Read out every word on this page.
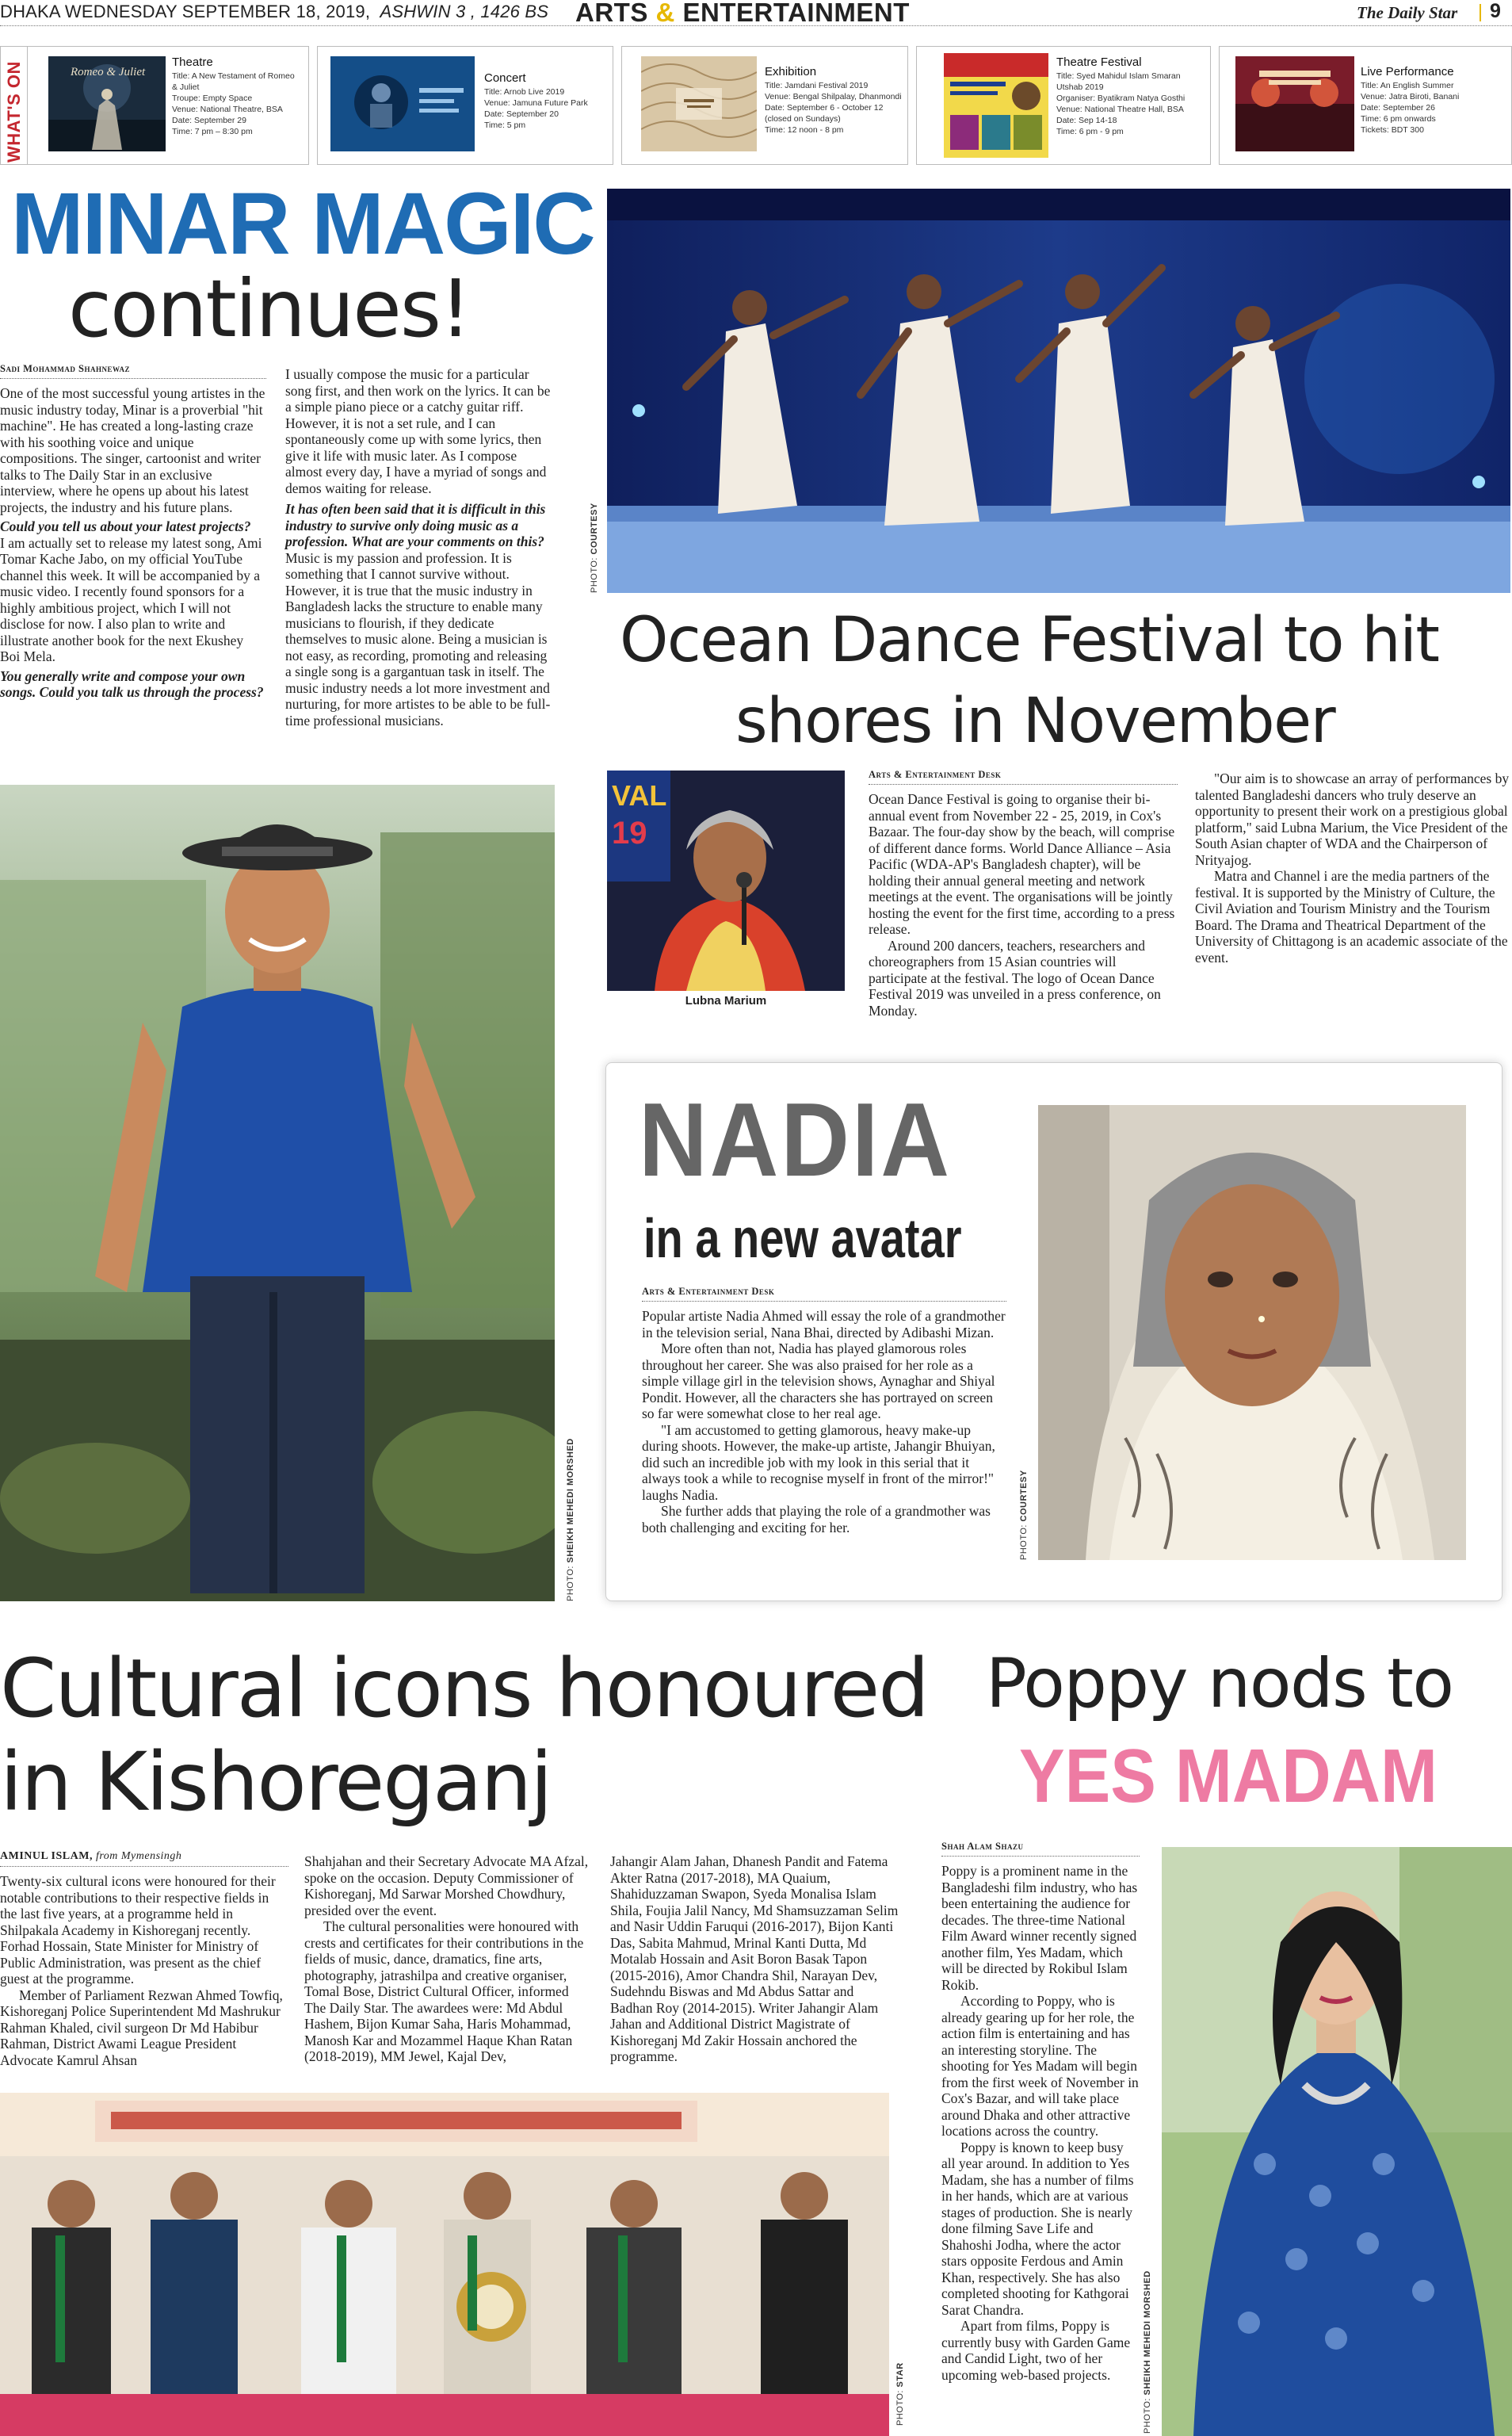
DHAKA WEDNESDAY SEPTEMBER 18, 2019, ASHWIN 3 , 1426 BS ARTS & ENTERTAINMENT	The Daily Star 9
WHAT'S ON	Romeo & Juliet
Theatre
Title: A New Testament of Romeo
& Juliet
Troupe: Empty Space
Venue: National Theatre, BSA
Date: September 29
Time: 7 pm – 8:30 pm
Concert
Title: Arnob Live 2019
Venue: Jamuna Future Park
Date: September 20
Time: 5 pm
Exhibition
Title: Jamdani Festival 2019
Venue: Bengal Shilpalay, Dhanmondi
Date: September 6 - October 12
(closed on Sundays)
Time: 12 noon - 8 pm
Theatre Festival
Title: Syed Mahidul Islam Smaran
Utshab 2019
Organiser: Byatikram Natya Gosthi
Venue: National Theatre Hall, BSA
Date: Sep 14-18
Time: 6 pm - 9 pm
Live Performance
Title: An English Summer
Venue: Jatra Biroti, Banani
Date: September 26
Time: 6 pm onwards
Tickets: BDT 300
MINAR MAGIC
continues!
Sadi Mohammad Shahnewaz

One of the most successful young artistes in the music industry today, Minar is a proverbial "hit machine". He has created a long-lasting craze with his soothing voice and unique compositions. The singer, cartoonist and writer talks to The Daily Star in an exclusive interview, where he opens up about his latest projects, the industry and his future plans.

Could you tell us about your latest projects?

I am actually set to release my latest song, Ami Tomar Kache Jabo, on my official YouTube channel this week. It will be accompanied by a music video. I recently found sponsors for a highly ambitious project, which I will not disclose for now. I also plan to write and illustrate another book for the next Ekushey Boi Mela.

You generally write and compose your own songs. Could you talk us through the process?

I usually compose the music for a particular song first, and then work on the lyrics. It can be a simple piano piece or a catchy guitar riff. However, it is not a set rule, and I can spontaneously come up with some lyrics, then give it life with music later. As I compose almost every day, I have a myriad of songs and demos waiting for release.

It has often been said that it is difficult in this industry to survive only doing music as a profession. What are your comments on this?

Music is my passion and profession. It is something that I cannot survive without. However, it is true that the music industry in Bangladesh lacks the structure to enable many musicians to flourish, if they dedicate themselves to music alone. Being a musician is not easy, as recording, promoting and releasing a single song is a gargantuan task in itself. The music industry needs a lot more investment and nurturing, for more artistes to be able to be full-time professional musicians.

PHOTO: SHEIKH MEHEDI MORSHED
PHOTO: COURTESY
Ocean Dance Festival to hit
shores in November
VAL
19
Lubna Marium
Arts & Entertainment Desk

Ocean Dance Festival is going to organise their bi-annual event from November 22 - 25, 2019, in Cox's Bazaar. The four-day show by the beach, will comprise of different dance forms. World Dance Alliance – Asia Pacific (WDA-AP's Bangladesh chapter), will be holding their annual general meeting and network meetings at the event. The organisations will be jointly hosting the event for the first time, according to a press release.

Around 200 dancers, teachers, researchers and choreographers from 15 Asian countries will participate at the festival. The logo of Ocean Dance Festival 2019 was unveiled in a press conference, on Monday.

"Our aim is to showcase an array of performances by talented Bangladeshi dancers who truly deserve an opportunity to present their work on a prestigious global platform," said Lubna Marium, the Vice President of the South Asian chapter of WDA and the Chairperson of Nrityajog.

Matra and Channel i are the media partners of the festival. It is supported by the Ministry of Culture, the Civil Aviation and Tourism Ministry and the Tourism Board. The Drama and Theatrical Department of the University of Chittagong is an academic associate of the event.

NADIA
in a new avatar
Arts & Entertainment Desk

Popular artiste Nadia Ahmed will essay the role of a grandmother in the television serial, Nana Bhai, directed by Adibashi Mizan.

More often than not, Nadia has played glamorous roles throughout her career. She was also praised for her role as a simple village girl in the television shows, Aynaghar and Shiyal Pondit. However, all the characters she has portrayed on screen so far were somewhat close to her real age.

"I am accustomed to getting glamorous, heavy make-up during shoots. However, the make-up artiste, Jahangir Bhuiyan, did such an incredible job with my look in this serial that it always took a while to recognise myself in front of the mirror!" laughs Nadia.

She further adds that playing the role of a grandmother was both challenging and exciting for her.	PHOTO: COURTESY
Cultural icons honoured
in Kishoreganj
AMINUL ISLAM, from Mymensingh

Twenty-six cultural icons were honoured for their notable contributions to their respective fields in the last five years, at a programme held in Shilpakala Academy in Kishoreganj recently. Forhad Hossain, State Minister for Ministry of Public Administration, was present as the chief guest at the programme.

Member of Parliament Rezwan Ahmed Towfiq, Kishoreganj Police Superintendent Md Mashrukur Rahman Khaled, civil surgeon Dr Md Habibur Rahman, District Awami League President Advocate Kamrul Ahsan

Shahjahan and their Secretary Advocate MA Afzal, spoke on the occasion. Deputy Commissioner of Kishoreganj, Md Sarwar Morshed Chowdhury, presided over the event.

The cultural personalities were honoured with crests and certificates for their contributions in the fields of music, dance, dramatics, fine arts, photography, jatrashilpa and creative organiser, Tomal Bose, District Cultural Officer, informed The Daily Star. The awardees were: Md Abdul Hashem, Bijon Kumar Saha, Haris Mohammad, Manosh Kar and Mozammel Haque Khan Ratan (2018-2019), MM Jewel, Kajal Dev,

Jahangir Alam Jahan, Dhanesh Pandit and Fatema Akter Ratna (2017-2018), MA Quaium, Shahiduzzaman Swapon, Syeda Monalisa Islam Shila, Foujia Jalil Nancy, Md Shamsuzzaman Selim and Nasir Uddin Faruqui (2016-2017), Bijon Kanti Das, Sabita Mahmud, Mrinal Kanti Dutta, Md Motalab Hossain and Asit Boron Basak Tapon (2015-2016), Amor Chandra Shil, Narayan Dev, Sudehndu Biswas and Md Abdus Sattar and Badhan Roy (2014-2015). Writer Jahangir Alam Jahan and Additional District Magistrate of Kishoreganj Md Zakir Hossain anchored the programme.

PHOTO: STAR
Poppy nods to
YES MADAM
Shah Alam Shazu

Poppy is a prominent name in the Bangladeshi film industry, who has been entertaining the audience for decades. The three-time National Film Award winner recently signed another film, Yes Madam, which will be directed by Rokibul Islam Rokib.

According to Poppy, who is already gearing up for her role, the action film is entertaining and has an interesting storyline. The shooting for Yes Madam will begin from the first week of November in Cox's Bazar, and will take place around Dhaka and other attractive locations across the country.

Poppy is known to keep busy all year around. In addition to Yes Madam, she has a number of films in her hands, which are at various stages of production. She is nearly done filming Save Life and Shahoshi Jodha, where the actor stars opposite Ferdous and Amin Khan, respectively. She has also completed shooting for Kathgorai Sarat Chandra.

Apart from films, Poppy is currently busy with Garden Game and Candid Light, two of her upcoming web-based projects.

PHOTO: SHEIKH MEHEDI MORSHED
